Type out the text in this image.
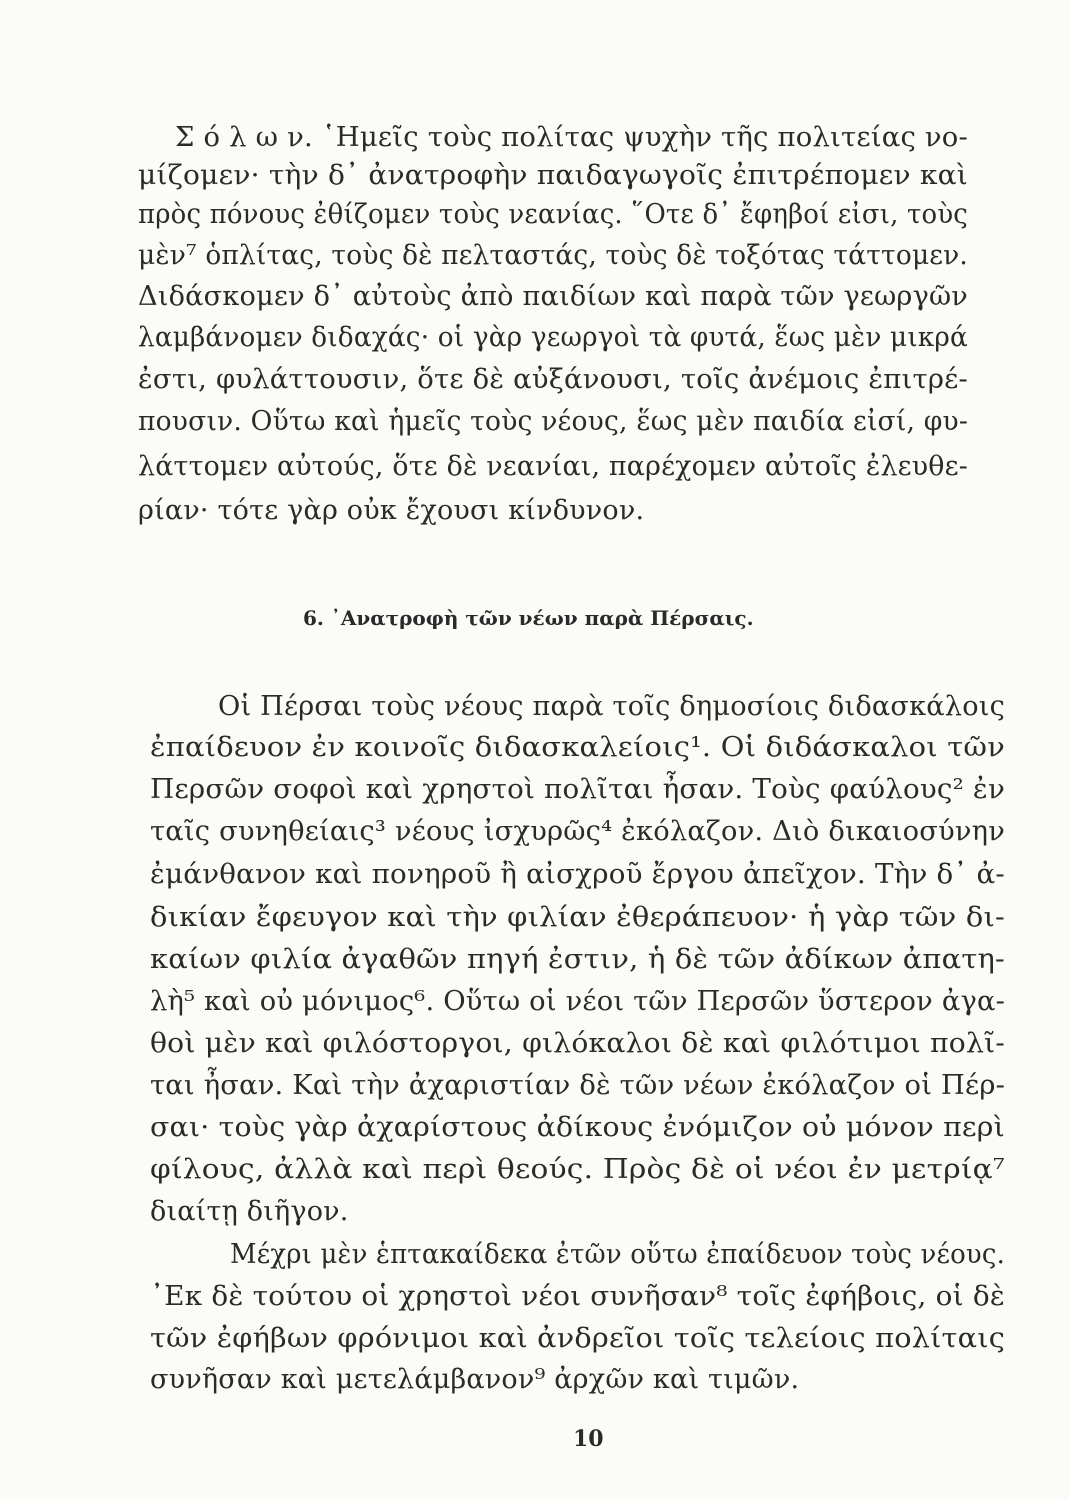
Σ ό λ ω ν. ῾Ημεῖς τοὺς πολίτας ψυχὴν τῆς πολιτείας νο-
μίζομεν· τὴν δ᾽ ἀνατροφὴν παιδαγωγοῖς ἐπιτρέπομεν καὶ
πρὸς πόνους ἐθίζομεν τοὺς νεανίας. ῞Οτε δ᾽ ἔφηβοί εἰσι, τοὺς
μὲν⁷ ὁπλίτας, τοὺς δὲ πελταστάς, τοὺς δὲ τοξότας τάττομεν.
Διδάσκομεν δ᾽ αὐτοὺς ἀπὸ παιδίων καὶ παρὰ τῶν γεωργῶν
λαμβάνομεν διδαχάς· οἱ γὰρ γεωργοὶ τὰ φυτά, ἕως μὲν μικρά
ἐστι, φυλάττουσιν, ὅτε δὲ αὐξάνουσι, τοῖς ἀνέμοις ἐπιτρέ-
πουσιν. Οὕτω καὶ ἡμεῖς τοὺς νέους, ἕως μὲν παιδία εἰσί, φυ-
λάττομεν αὐτούς, ὅτε δὲ νεανίαι, παρέχομεν αὐτοῖς ἐλευθε-
ρίαν· τότε γὰρ οὐκ ἔχουσι κίνδυνον.
6. ᾿Ανατροφὴ τῶν νέων παρὰ Πέρσαις.
Οἱ Πέρσαι τοὺς νέους παρὰ τοῖς δημοσίοις διδασκάλοις
ἐπαίδευον ἐν κοινοῖς διδασκαλείοις¹. Οἱ διδάσκαλοι τῶν
Περσῶν σοφοὶ καὶ χρηστοὶ πολῖται ἦσαν. Τοὺς φαύλους² ἐν
ταῖς συνηθείαις³ νέους ἰσχυρῶς⁴ ἐκόλαζον. Διὸ δικαιοσύνην
ἐμάνθανον καὶ πονηροῦ ἢ αἰσχροῦ ἔργου ἀπεῖχον. Τὴν δ᾽ ἀ-
δικίαν ἔφευγον καὶ τὴν φιλίαν ἐθεράπευον· ἡ γὰρ τῶν δι-
καίων φιλία ἀγαθῶν πηγή ἐστιν, ἡ δὲ τῶν ἀδίκων ἀπατη-
λὴ⁵ καὶ οὐ μόνιμος⁶. Οὕτω οἱ νέοι τῶν Περσῶν ὕστερον ἀγα-
θοὶ μὲν καὶ φιλόστοργοι, φιλόκαλοι δὲ καὶ φιλότιμοι πολῖ-
ται ἦσαν. Καὶ τὴν ἀχαριστίαν δὲ τῶν νέων ἐκόλαζον οἱ Πέρ-
σαι· τοὺς γὰρ ἀχαρίστους ἀδίκους ἐνόμιζον οὐ μόνον περὶ
φίλους, ἀλλὰ καὶ περὶ θεούς. Πρὸς δὲ οἱ νέοι ἐν μετρίᾳ⁷
διαίτῃ διῆγον.
Μέχρι μὲν ἑπτακαίδεκα ἐτῶν οὕτω ἐπαίδευον τοὺς νέους.
᾿Εκ δὲ τούτου οἱ χρηστοὶ νέοι συνῆσαν⁸ τοῖς ἐφήβοις, οἱ δὲ
τῶν ἐφήβων φρόνιμοι καὶ ἀνδρεῖοι τοῖς τελείοις πολίταις
συνῆσαν καὶ μετελάμβανον⁹ ἀρχῶν καὶ τιμῶν.
10
